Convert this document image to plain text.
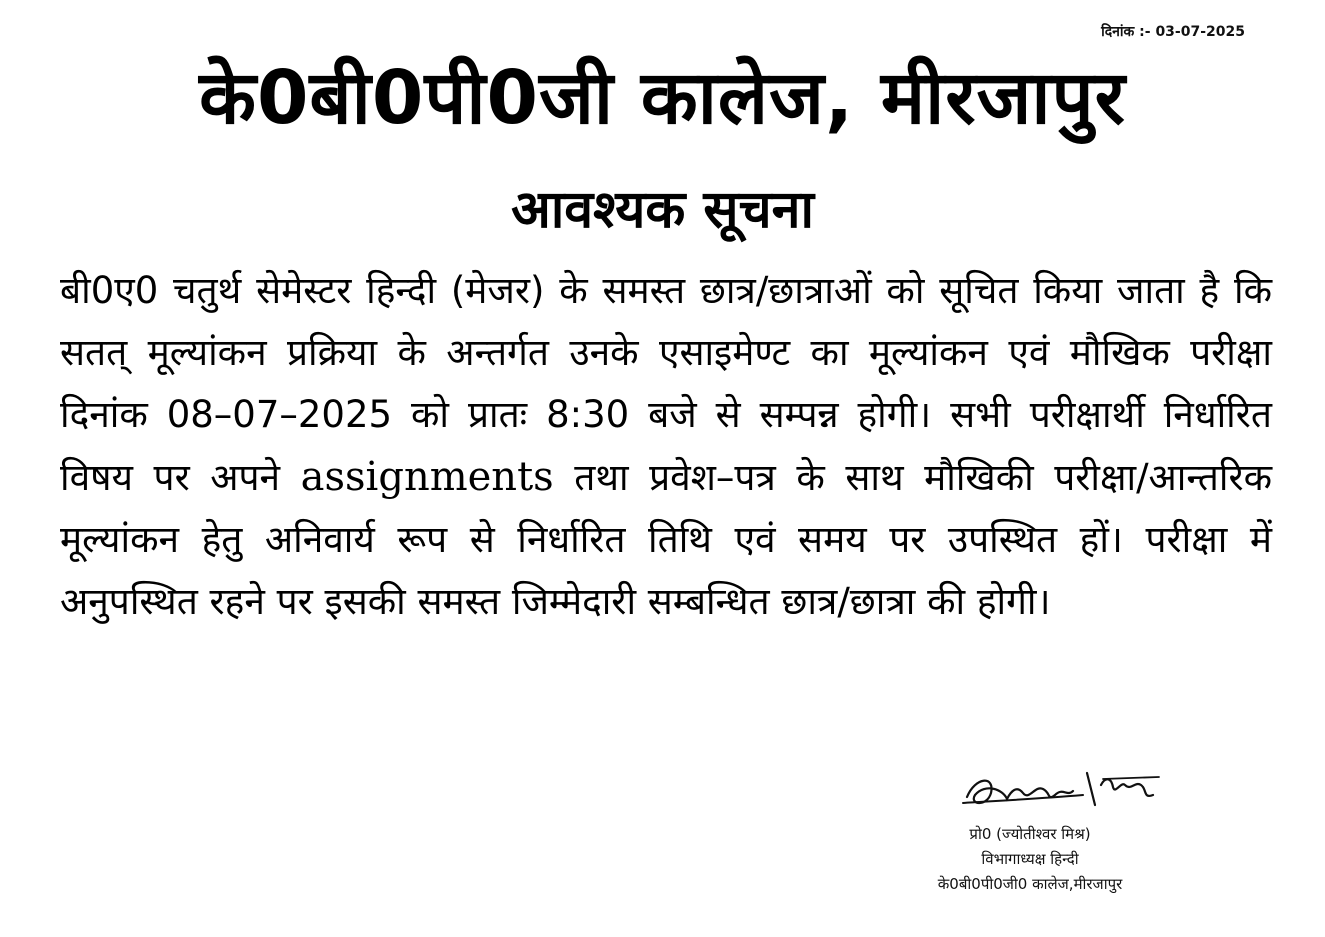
दिनांक :- 03-07-2025
के0बी0पी0जी कालेज, मीरजापुर
आवश्यक सूचना
बी0ए0 चतुर्थ सेमेस्टर हिन्दी (मेजर) के समस्त छात्र/छात्राओं को सूचित किया जाता है कि सतत् मूल्यांकन प्रक्रिया के अन्तर्गत उनके एसाइमेण्ट का मूल्यांकन एवं मौखिक परीक्षा दिनांक 08–07–2025 को प्रातः 8:30 बजे से सम्पन्न होगी। सभी परीक्षार्थी निर्धारित विषय पर अपने assignments तथा प्रवेश–पत्र के साथ मौखिकी परीक्षा/आन्तरिक मूल्यांकन हेतु अनिवार्य रूप से निर्धारित तिथि एवं समय पर उपस्थित हों। परीक्षा में अनुपस्थित रहने पर इसकी समस्त जिम्मेदारी सम्बन्धित छात्र/छात्रा की होगी।
प्रो0 (ज्योतीश्वर मिश्र)
विभागाध्यक्ष हिन्दी
के0बी0पी0जी0 कालेज,मीरजापुर
